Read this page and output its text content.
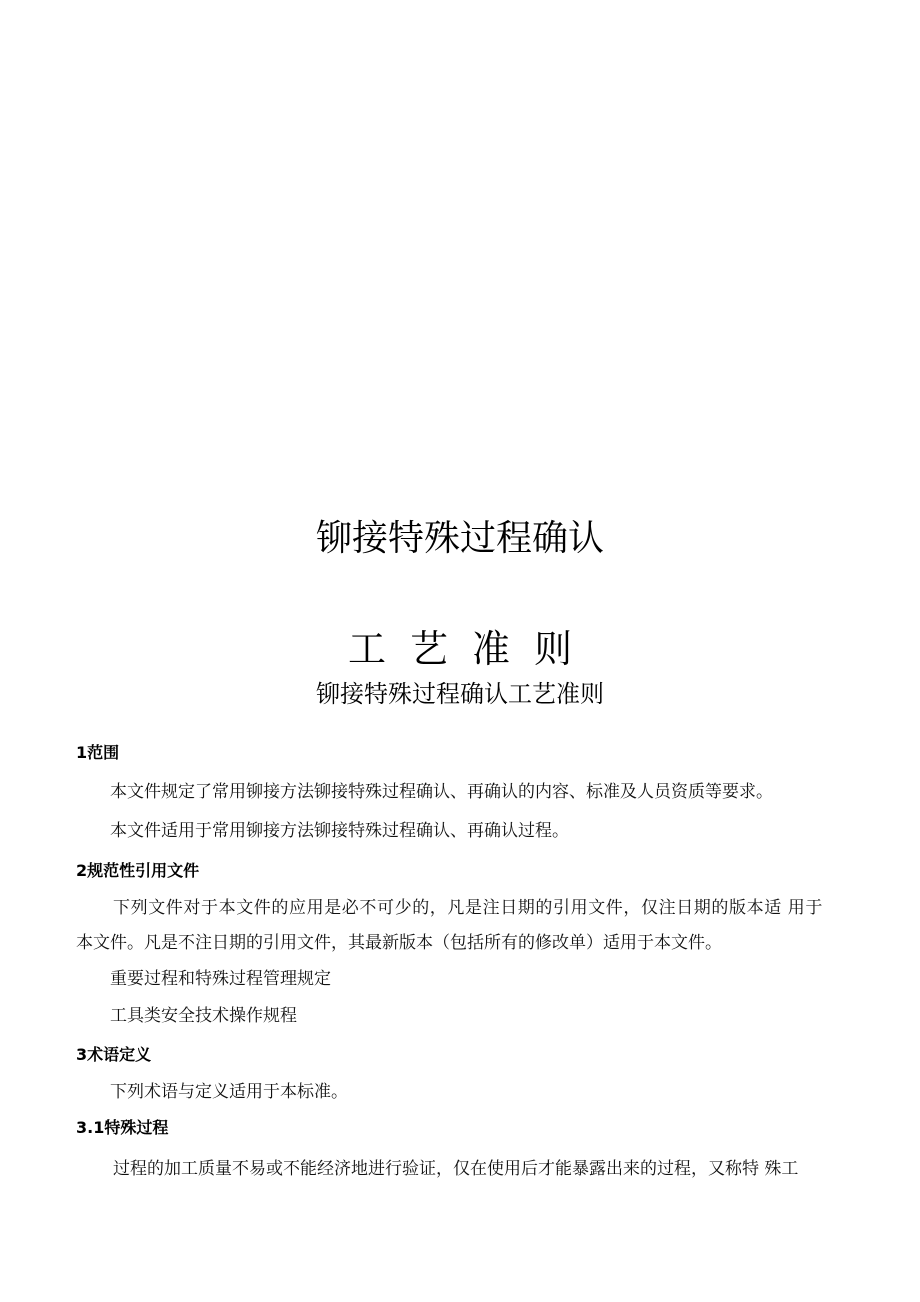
铆接特殊过程确认
工艺准则
铆接特殊过程确认工艺准则
1范围
本文件规定了常用铆接方法铆接特殊过程确认、再确认的内容、标准及人员资质等要求。
本文件适用于常用铆接方法铆接特殊过程确认、再确认过程。
2规范性引用文件
下列文件对于本文件的应用是必不可少的，凡是注日期的引用文件，仅注日期的版本适 用于
本文件。凡是不注日期的引用文件，其最新版本（包括所有的修改单）适用于本文件。
重要过程和特殊过程管理规定
工具类安全技术操作规程
3术语定义
下列术语与定义适用于本标准。
3.1特殊过程
过程的加工质量不易或不能经济地进行验证，仅在使用后才能暴露出来的过程，又称特 殊工
